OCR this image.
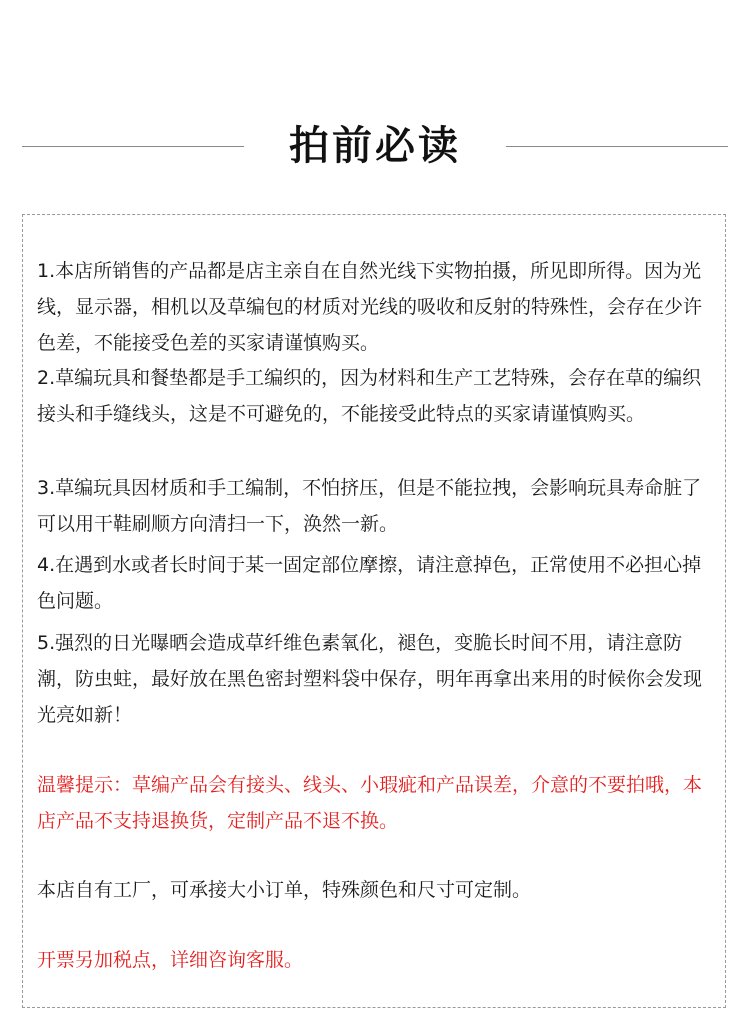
拍前必读

1.本店所销售的产品都是店主亲自在自然光线下实物拍摄，所见即所得。因为光线，显示器，相机以及草编包的材质对光线的吸收和反射的特殊性，会存在少许色差，不能接受色差的买家请谨慎购买。

2.草编玩具和餐垫都是手工编织的，因为材料和生产工艺特殊，会存在草的编织接头和手缝线头，这是不可避免的，不能接受此特点的买家请谨慎购买。

3.草编玩具因材质和手工编制，不怕挤压，但是不能拉拽，会影响玩具寿命脏了可以用干鞋刷顺方向清扫一下，涣然一新。

4.在遇到水或者长时间于某一固定部位摩擦，请注意掉色，正常使用不必担心掉色问题。

5.强烈的日光曝晒会造成草纤维色素氧化，褪色，变脆长时间不用，请注意防潮，防虫蛀，最好放在黑色密封塑料袋中保存，明年再拿出来用的时候你会发现光亮如新！

温馨提示：草编产品会有接头、线头、小瑕疵和产品误差，介意的不要拍哦，本店产品不支持退换货，定制产品不退不换。

本店自有工厂，可承接大小订单，特殊颜色和尺寸可定制。

开票另加税点，详细咨询客服。
